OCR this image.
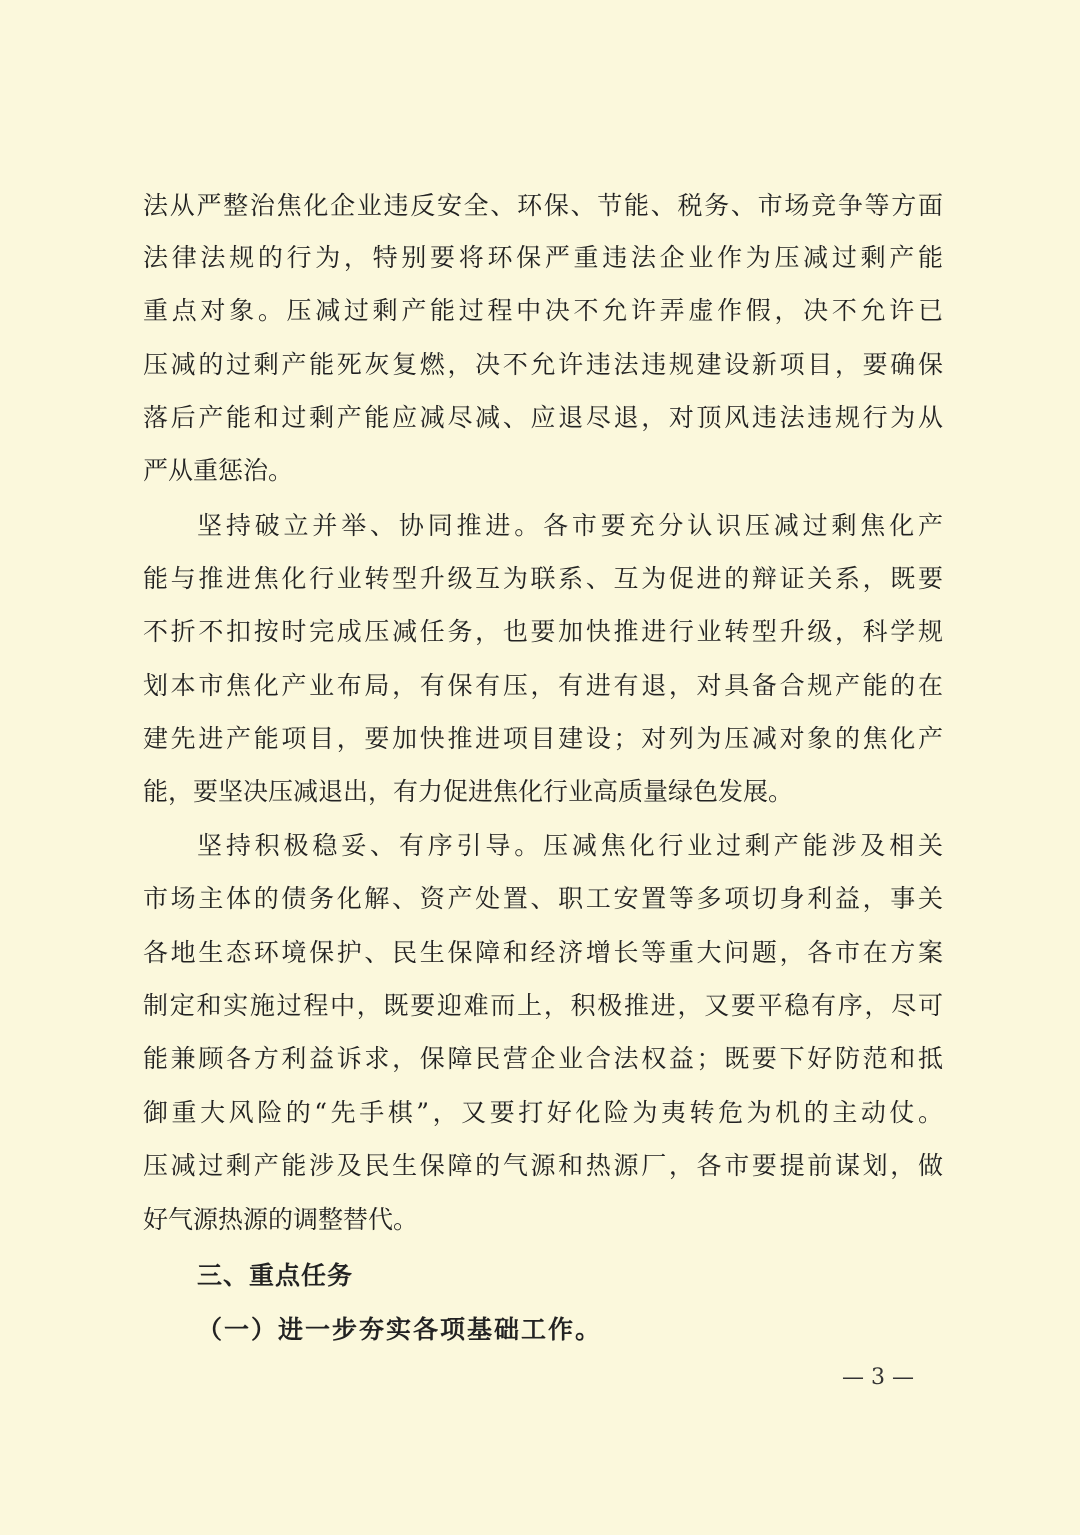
法从严整治焦化企业违反安全、环保、节能、税务、市场竞争等方面
法律法规的行为，特别要将环保严重违法企业作为压减过剩产能
重点对象。压减过剩产能过程中决不允许弄虚作假，决不允许已
压减的过剩产能死灰复燃，决不允许违法违规建设新项目，要确保
落后产能和过剩产能应减尽减、应退尽退，对顶风违法违规行为从
严从重惩治。
坚持破立并举、协同推进。各市要充分认识压减过剩焦化产
能与推进焦化行业转型升级互为联系、互为促进的辩证关系，既要
不折不扣按时完成压减任务，也要加快推进行业转型升级，科学规
划本市焦化产业布局，有保有压，有进有退，对具备合规产能的在
建先进产能项目，要加快推进项目建设；对列为压减对象的焦化产
能，要坚决压减退出，有力促进焦化行业高质量绿色发展。
坚持积极稳妥、有序引导。压减焦化行业过剩产能涉及相关
市场主体的债务化解、资产处置、职工安置等多项切身利益，事关
各地生态环境保护、民生保障和经济增长等重大问题，各市在方案
制定和实施过程中，既要迎难而上，积极推进，又要平稳有序，尽可
能兼顾各方利益诉求，保障民营企业合法权益；既要下好防范和抵
御重大风险的“先手棋”，又要打好化险为夷转危为机的主动仗。
压减过剩产能涉及民生保障的气源和热源厂，各市要提前谋划，做
好气源热源的调整替代。
三、重点任务
（一）进一步夯实各项基础工作。
— 3 —
